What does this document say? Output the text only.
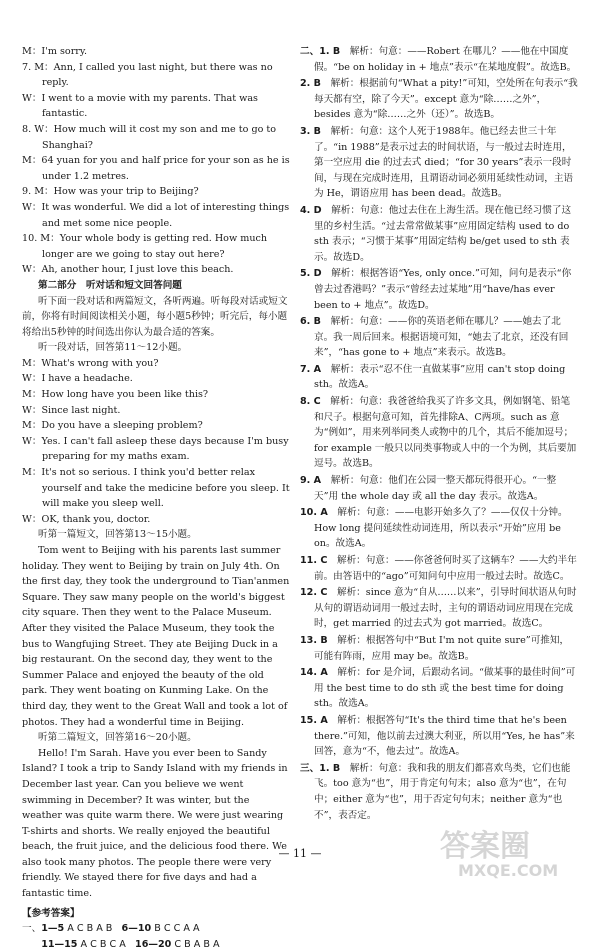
M：I'm sorry.

7. M：Ann, I called you last night, but there was no reply.

W：I went to a movie with my parents. That was fantastic.

8. W：How much will it cost my son and me to go to Shanghai?

M：64 yuan for you and half price for your son as he is under 1.2 metres.

9. M：How was your trip to Beijing?

W：It was wonderful. We did a lot of interesting things and met some nice people.

10. M：Your whole body is getting red. How much longer are we going to stay out here?

W：Ah, another hour, I just love this beach.

第二部分　听对话和短文回答问题

听下面一段对话和两篇短文，各听两遍。听每段对话或短文前，你将有时间阅读相关小题，每小题5秒钟；听完后，每小题将给出5秒钟的时间选出你认为最合适的答案。

听一段对话，回答第11～12小题。

M：What's wrong with you?

W：I have a headache.

M：How long have you been like this?

W：Since last night.

M：Do you have a sleeping problem?

W：Yes. I can't fall asleep these days because I'm busy preparing for my maths exam.

M：It's not so serious. I think you'd better relax yourself and take the medicine before you sleep. It will make you sleep well.

W：OK, thank you, doctor.

听第一篇短文，回答第13～15小题。

Tom went to Beijing with his parents last summer holiday. They went to Beijing by train on July 4th. On the first day, they took the underground to Tian'anmen Square. They saw many people on the world's biggest city square. Then they went to the Palace Museum. After they visited the Palace Museum, they took the bus to Wangfujing Street. They ate Beijing Duck in a big restaurant. On the second day, they went to the Summer Palace and enjoyed the beauty of the old park. They went boating on Kunming Lake. On the third day, they went to the Great Wall and took a lot of photos. They had a wonderful time in Beijing.

听第二篇短文，回答第16～20小题。

Hello! I'm Sarah. Have you ever been to Sandy Island? I took a trip to Sandy Island with my friends in December last year. Can you believe we went swimming in December? It was winter, but the weather was quite warm there. We were just wearing T-shirts and shorts. We really enjoyed the beautiful beach, the fruit juice, and the delicious food there. We also took many photos. The people there were very friendly. We stayed there for five days and had a fantastic time.

【参考答案】

一、1—5 A C B A B 6—10 B C C A A

　　11—15 A C B C A 16—20 C B A B A

二、1. B　 解析：句意：——Robert 在哪儿？——他在中国度假。“be on holiday in + 地点”表示“在某地度假”。故选B。

2. B　 解析：根据前句“What a pity!”可知，空处所在句表示“我每天都有空，除了今天”。except 意为“除……之外”，besides 意为“除……之外（还）”。故选B。

3. B　 解析：句意：这个人死于1988年。他已经去世三十年了。“in 1988”是表示过去的时间状语，与一般过去时连用，第一空应用 die 的过去式 died；“for 30 years”表示一段时间，与现在完成时连用，且谓语动词必须用延续性动词，主语为 He，谓语应用 has been dead。故选B。

4. D　 解析：句意：他过去住在上海生活。现在他已经习惯了这里的乡村生活。“过去常常做某事”应用固定结构 used to do sth 表示；“习惯于某事”用固定结构 be/get used to sth 表示。故选D。

5. D　 解析：根据答语“Yes, only once.”可知，问句是表示“你曾去过香港吗？”表示“曾经去过某地”用“have/has ever been to + 地点”。故选D。

6. B　 解析：句意：——你的英语老师在哪儿？——她去了北京。我一周后回来。根据语境可知，“她去了北京，还没有回来”，“has gone to + 地点”来表示。故选B。

7. A　 解析：表示“忍不住一直做某事”应用 can't stop doing sth。故选A。

8. C　 解析：句意：我爸爸给我买了许多文具，例如钢笔、铅笔和尺子。根据句意可知，首先排除A、C两项。such as 意为“例如”，用来列举同类人或物中的几个，其后不能加逗号；for example 一般只以同类事物或人中的一个为例，其后要加逗号。故选B。

9. A　 解析：句意：他们在公园一整天都玩得很开心。“一整天”用 the whole day 或 all the day 表示。故选A。

10. A　 解析：句意：——电影开始多久了？——仅仅十分钟。How long 提问延续性动词连用，所以表示“开始”应用 be on。故选A。

11. C　 解析：句意：——你爸爸何时买了这辆车？——大约半年前。由答语中的“ago”可知问句中应用一般过去时。故选C。

12. C　 解析：since 意为“自从……以来”，引导时间状语从句时从句的谓语动词用一般过去时，主句的谓语动词应用现在完成时，get married 的过去式为 got married。故选C。

13. B　 解析：根据答句中“But I'm not quite sure”可推知，可能有阵雨，应用 may be。故选B。

14. A　 解析：for 是介词，后跟动名词。“做某事的最佳时间”可用 the best time to do sth 或 the best time for doing sth。故选A。

15. A　 解析：根据答句“It's the third time that he's been there.”可知，他以前去过澳大利亚，所以用“Yes, he has”来回答，意为“不，他去过”。故选A。

三、1. B　 解析：句意：我和我的朋友们都喜欢鸟类，它们也能飞。too 意为“也”，用于肯定句句末；also 意为“也”，在句中；either 意为“也”，用于否定句句末；neither 意为“也不”，表否定。

— 11 —	答案圈
MXQE.COM
